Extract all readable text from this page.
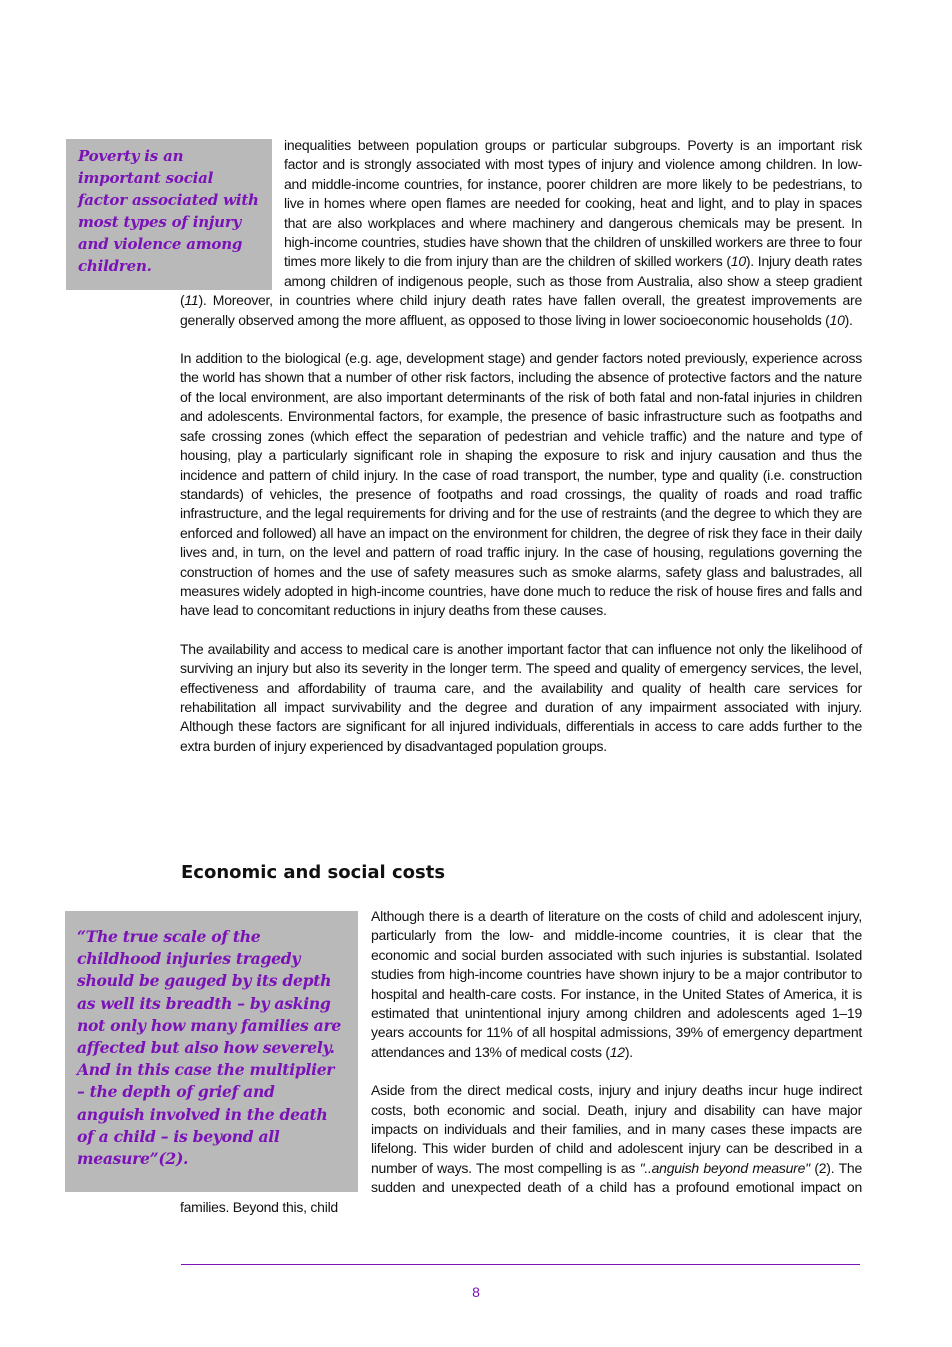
Poverty is an important social factor associated with most types of injury and violence among children.

inequalities between population groups or particular subgroups. Poverty is an important risk factor and is strongly associated with most types of injury and violence among children. In low- and middle-income countries, for instance, poorer children are more likely to be pedestrians, to live in homes where open flames are needed for cooking, heat and light, and to play in spaces that are also workplaces and where machinery and dangerous chemicals may be present. In high-income countries, studies have shown that the children of unskilled workers are three to four times more likely to die from injury than are the children of skilled workers (10). Injury death rates among children of indigenous people, such as those from Australia, also show a steep gradient (11). Moreover, in countries where child injury death rates have fallen overall, the greatest improvements are generally observed among the more affluent, as opposed to those living in lower socioeconomic households (10).

In addition to the biological (e.g. age, development stage) and gender factors noted previously, experience across the world has shown that a number of other risk factors, including the absence of protective factors and the nature of the local environment, are also important determinants of the risk of both fatal and non-fatal injuries in children and adolescents. Environmental factors, for example, the presence of basic infrastructure such as footpaths and safe crossing zones (which effect the separation of pedestrian and vehicle traffic) and the nature and type of housing, play a particularly significant role in shaping the exposure to risk and injury causation and thus the incidence and pattern of child injury. In the case of road transport, the number, type and quality (i.e. construction standards) of vehicles, the presence of footpaths and road crossings, the quality of roads and road traffic infrastructure, and the legal requirements for driving and for the use of restraints (and the degree to which they are enforced and followed) all have an impact on the environment for children, the degree of risk they face in their daily lives and, in turn, on the level and pattern of road traffic injury. In the case of housing, regulations governing the construction of homes and the use of safety measures such as smoke alarms, safety glass and balustrades, all measures widely adopted in high-income countries, have done much to reduce the risk of house fires and falls and have lead to concomitant reductions in injury deaths from these causes.

The availability and access to medical care is another important factor that can influence not only the likelihood of surviving an injury but also its severity in the longer term. The speed and quality of emergency services, the level, effectiveness and affordability of trauma care, and the availability and quality of health care services for rehabilitation all impact survivability and the degree and duration of any impairment associated with injury. Although these factors are significant for all injured individuals, differentials in access to care adds further to the extra burden of injury experienced by disadvantaged population groups.

Economic and social costs
“The true scale of the childhood injuries tragedy should be gauged by its depth as well its breadth – by asking not only how many families are affected but also how severely. And in this case the multiplier – the depth of grief and anguish involved in the death of a child – is beyond all measure”(2).

Although there is a dearth of literature on the costs of child and adolescent injury, particularly from the low- and middle-income countries, it is clear that the economic and social burden associated with such injuries is substantial. Isolated studies from high-income countries have shown injury to be a major contributor to hospital and health-care costs. For instance, in the United States of America, it is estimated that unintentional injury among children and adolescents aged 1–19 years accounts for 11% of all hospital admissions, 39% of emergency department attendances and 13% of medical costs (12).

Aside from the direct medical costs, injury and injury deaths incur huge indirect costs, both economic and social. Death, injury and disability can have major impacts on individuals and their families, and in many cases these impacts are lifelong. This wider burden of child and adolescent injury can be described in a number of ways. The most compelling is as "..anguish beyond measure" (2). The sudden and unexpected death of a child has a profound emotional impact on families. Beyond this, child

8
